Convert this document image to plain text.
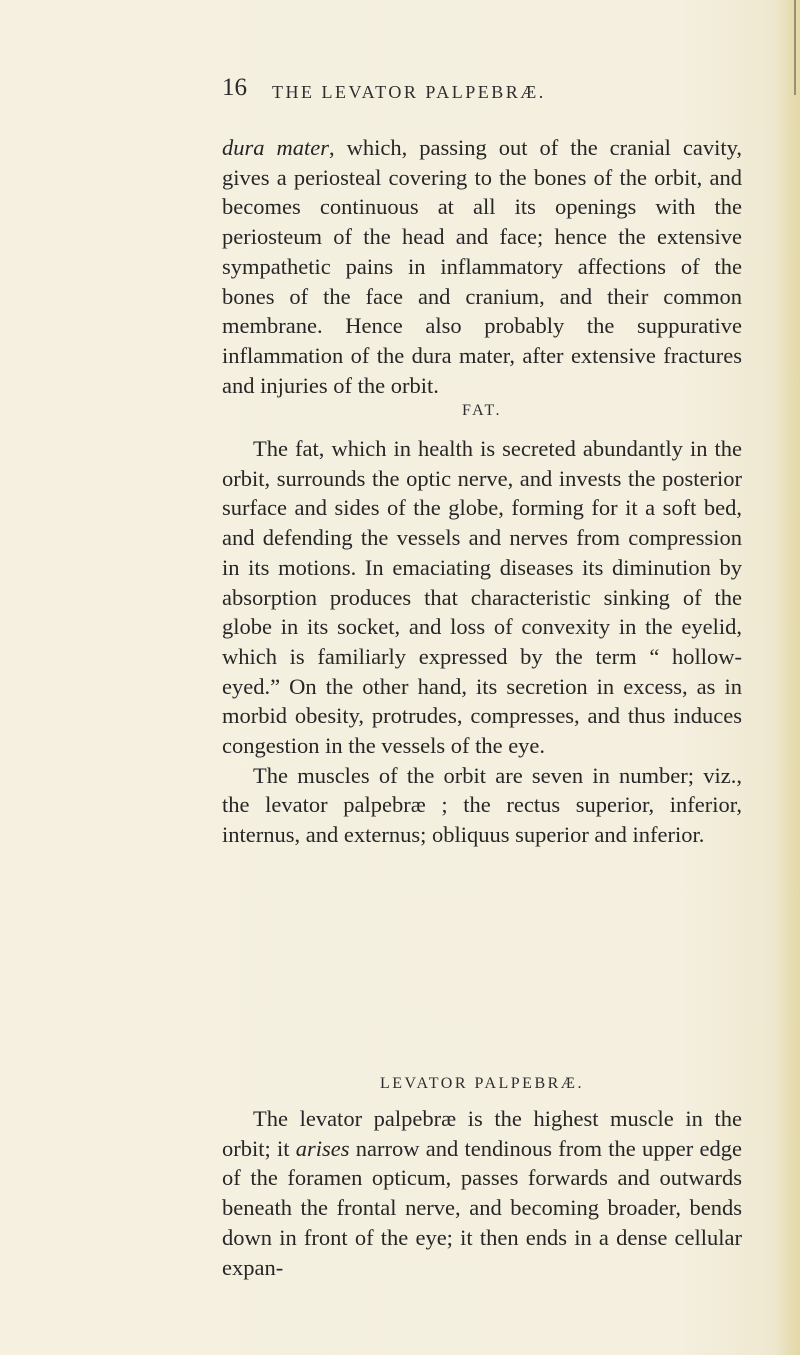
16 THE LEVATOR PALPEBRÆ.

dura mater, which, passing out of the cranial cavity, gives a periosteal covering to the bones of the orbit, and becomes continuous at all its openings with the periosteum of the head and face; hence the extensive sympathetic pains in inflammatory affections of the bones of the face and cranium, and their common membrane. Hence also probably the suppurative inflammation of the dura mater, after extensive fractures and injuries of the orbit.

FAT.

The fat, which in health is secreted abundantly in the orbit, surrounds the optic nerve, and invests the posterior surface and sides of the globe, forming for it a soft bed, and defending the vessels and nerves from compression in its motions. In emaciating diseases its diminution by absorption produces that characteristic sinking of the globe in its socket, and loss of convexity in the eyelid, which is familiarly expressed by the term “ hollow-eyed.” On the other hand, its secretion in excess, as in morbid obesity, protrudes, compresses, and thus induces congestion in the vessels of the eye.

The muscles of the orbit are seven in number; viz., the levator palpebræ ; the rectus superior, inferior, internus, and externus; obliquus superior and inferior.

LEVATOR PALPEBRÆ.

The levator palpebræ is the highest muscle in the orbit; it arises narrow and tendinous from the upper edge of the foramen opticum, passes forwards and outwards beneath the frontal nerve, and becoming broader, bends down in front of the eye; it then ends in a dense cellular expan-
